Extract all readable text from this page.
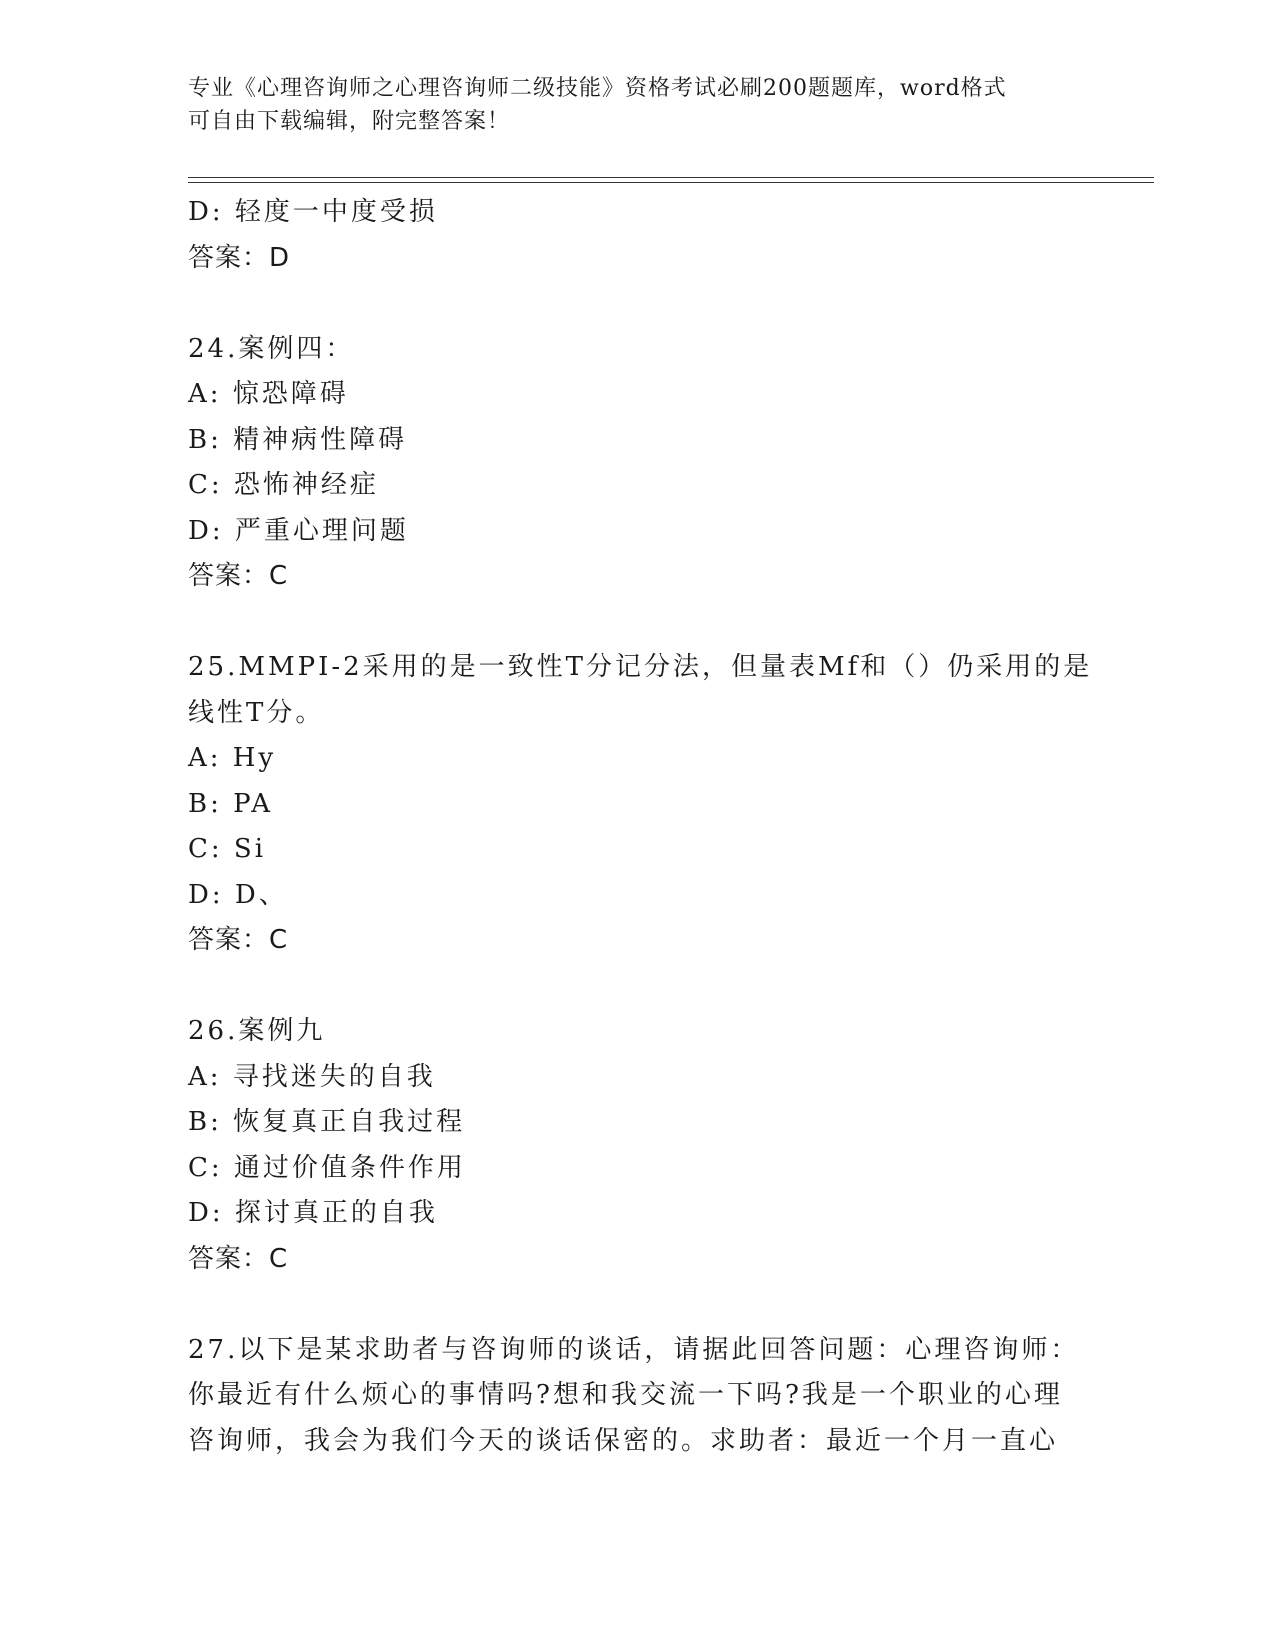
专业《心理咨询师之心理咨询师二级技能》资格考试必刷200题题库，word格式
可自由下载编辑，附完整答案！
D: 轻度一中度受损
答案：D
24.案例四：
A: 惊恐障碍
B: 精神病性障碍
C: 恐怖神经症
D: 严重心理问题
答案：C
25.MMPI-2采用的是一致性T分记分法，但量表Mf和（）仍采用的是
线性T分。
A: Hy
B: PA
C: Si
D: D、
答案：C
26.案例九
A: 寻找迷失的自我
B: 恢复真正自我过程
C: 通过价值条件作用
D: 探讨真正的自我
答案：C
27.以下是某求助者与咨询师的谈话，请据此回答问题：心理咨询师：
你最近有什么烦心的事情吗?想和我交流一下吗?我是一个职业的心理
咨询师，我会为我们今天的谈话保密的。求助者：最近一个月一直心
